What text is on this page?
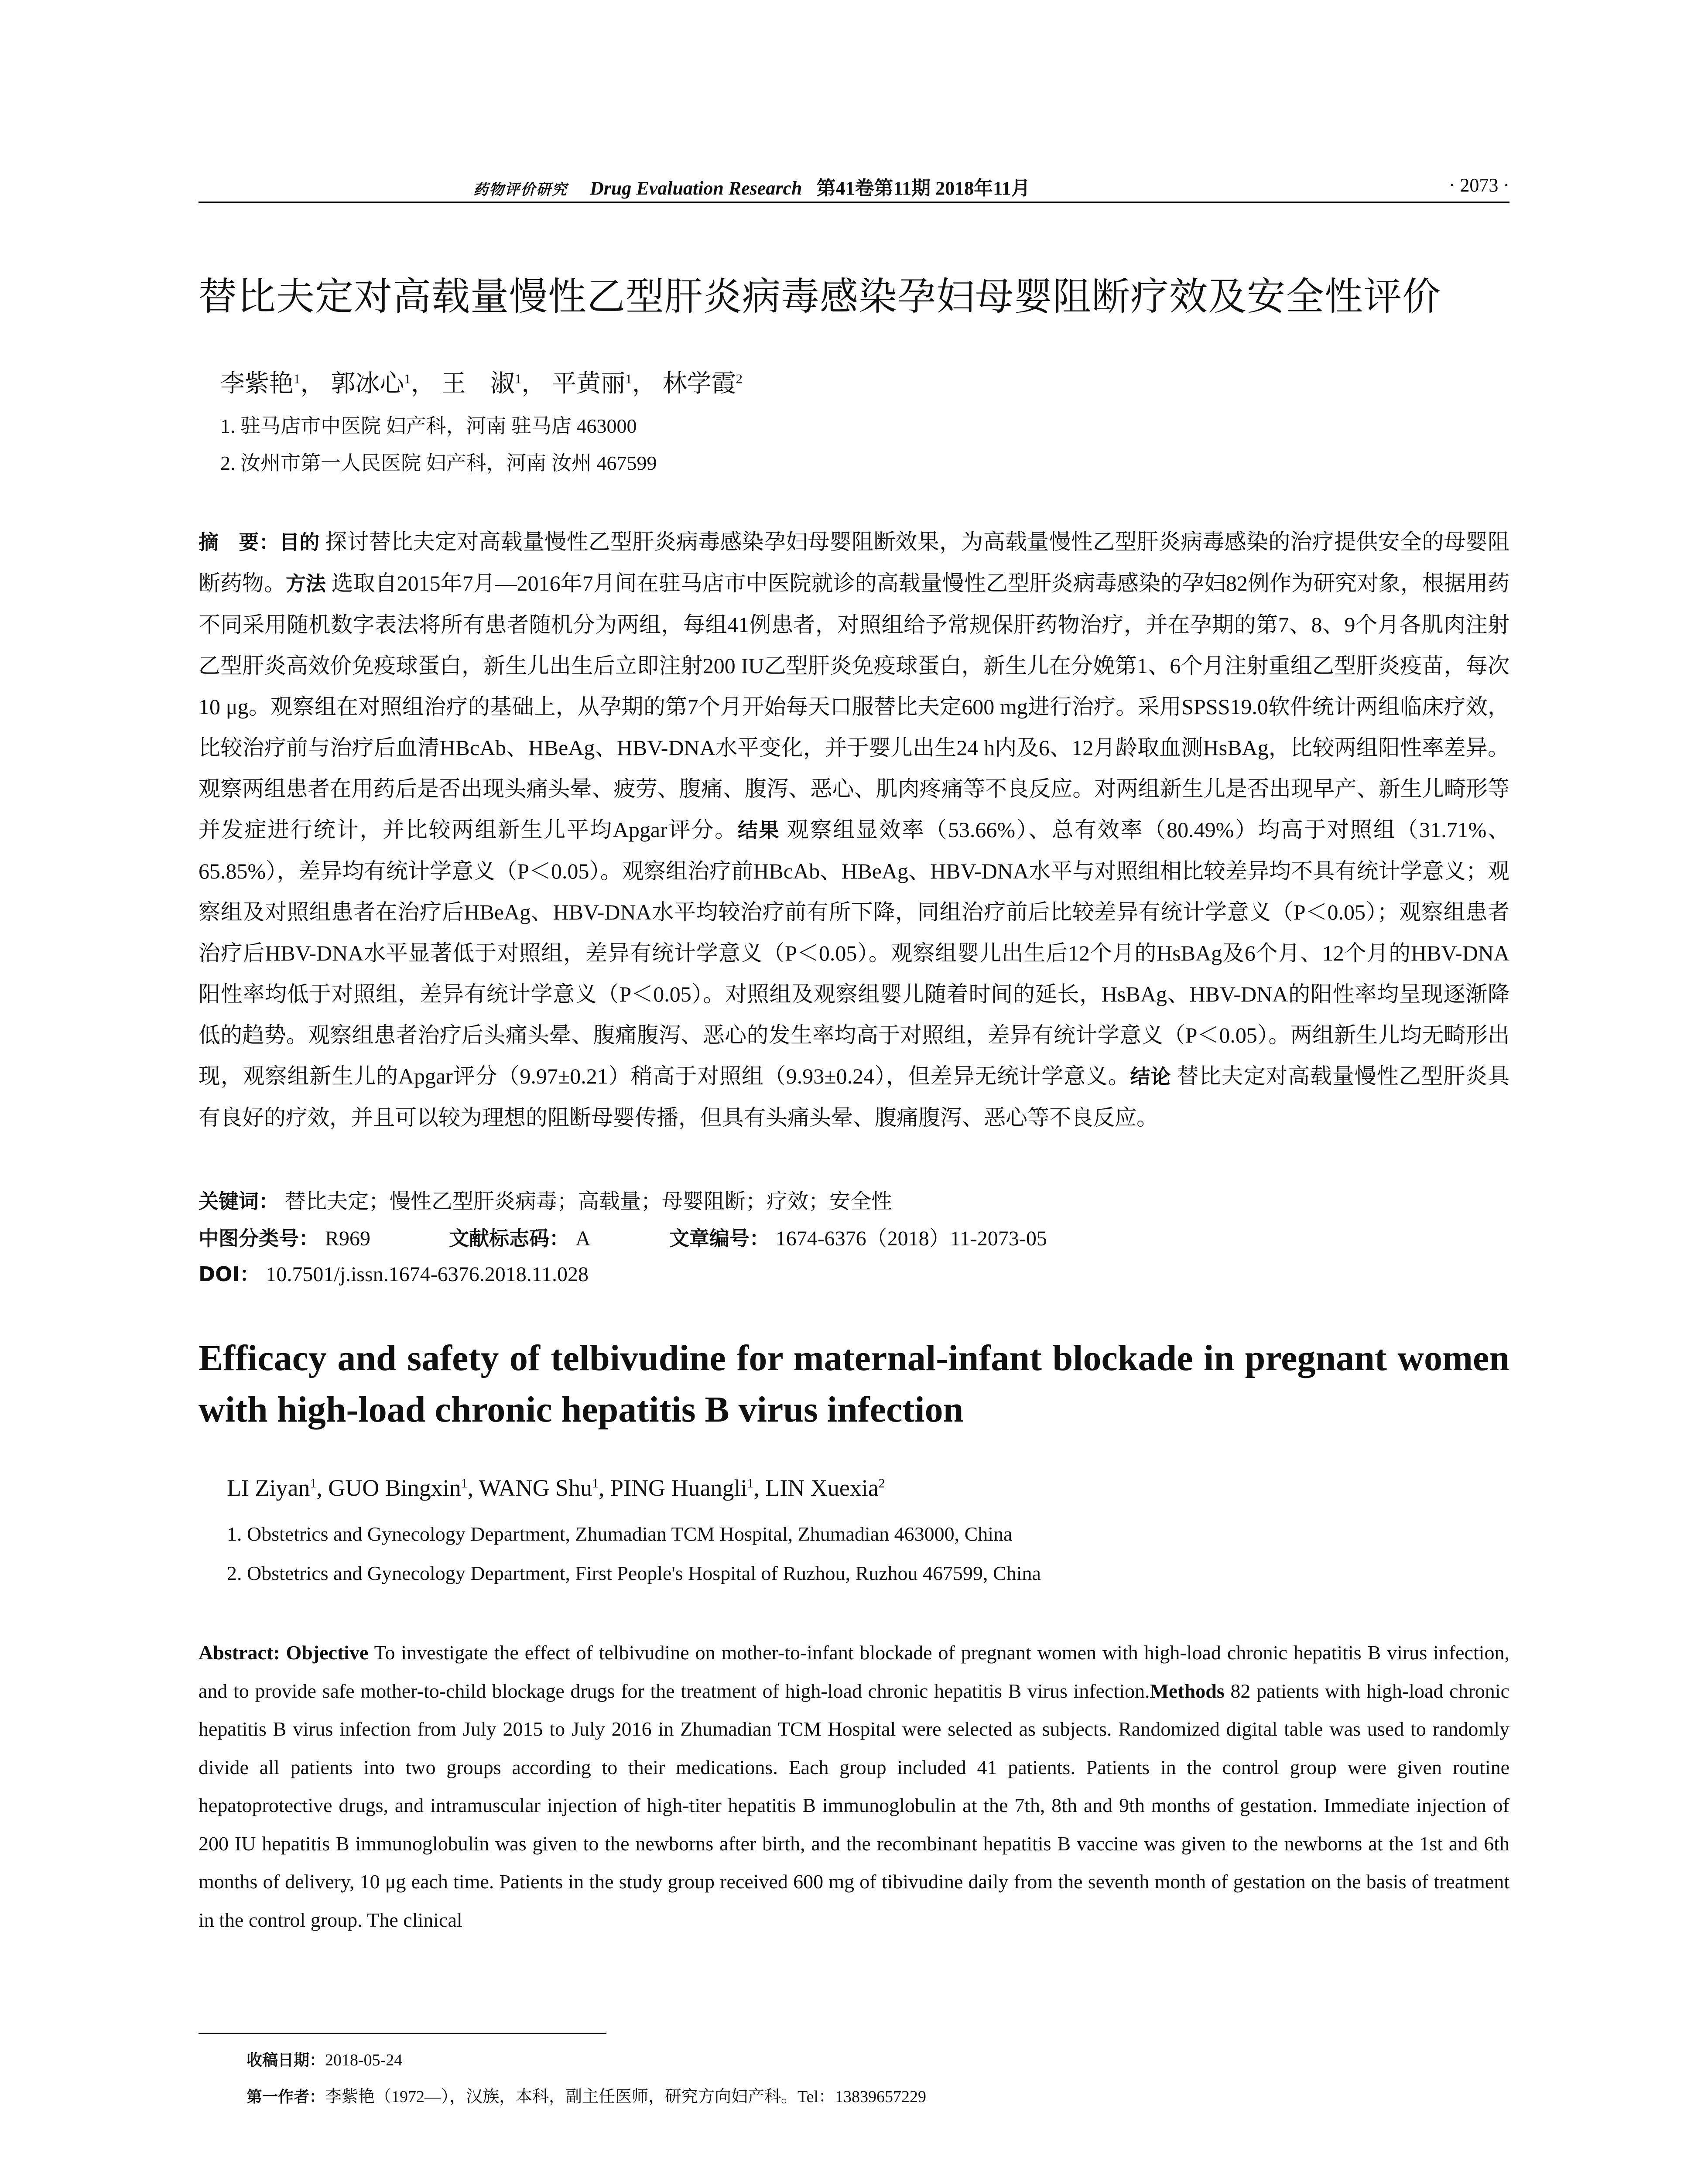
药物评价研究 Drug Evaluation Research 第41卷第11期 2018年11月	· 2073 ·
替比夫定对高载量慢性乙型肝炎病毒感染孕妇母婴阻断疗效及安全性评价
李紫艳$^1$， 郭冰心$^1$， 王　淑$^1$， 平黄丽$^1$， 林学霞$^2$
1. 驻马店市中医院 妇产科，河南 驻马店 463000
2. 汝州市第一人民医院 妇产科，河南 汝州 467599
摘　要：目的 探讨替比夫定对高载量慢性乙型肝炎病毒感染孕妇母婴阻断效果，为高载量慢性乙型肝炎病毒感染的治疗提供安全的母婴阻断药物。方法 选取自2015年7月—2016年7月间在驻马店市中医院就诊的高载量慢性乙型肝炎病毒感染的孕妇82例作为研究对象，根据用药不同采用随机数字表法将所有患者随机分为两组，每组41例患者，对照组给予常规保肝药物治疗，并在孕期的第7、8、9个月各肌肉注射乙型肝炎高效价免疫球蛋白，新生儿出生后立即注射200 IU乙型肝炎免疫球蛋白，新生儿在分娩第1、6个月注射重组乙型肝炎疫苗，每次10 μg。观察组在对照组治疗的基础上，从孕期的第7个月开始每天口服替比夫定600 mg进行治疗。采用SPSS19.0软件统计两组临床疗效，比较治疗前与治疗后血清HBcAb、HBeAg、HBV-DNA水平变化，并于婴儿出生24 h内及6、12月龄取血测HsBAg，比较两组阳性率差异。观察两组患者在用药后是否出现头痛头晕、疲劳、腹痛、腹泻、恶心、肌肉疼痛等不良反应。对两组新生儿是否出现早产、新生儿畸形等并发症进行统计，并比较两组新生儿平均Apgar评分。结果 观察组显效率（53.66%）、总有效率（80.49%）均高于对照组（31.71%、65.85%），差异均有统计学意义（P＜0.05）。观察组治疗前HBcAb、HBeAg、HBV-DNA水平与对照组相比较差异均不具有统计学意义；观察组及对照组患者在治疗后HBeAg、HBV-DNA水平均较治疗前有所下降，同组治疗前后比较差异有统计学意义（P＜0.05）；观察组患者治疗后HBV-DNA水平显著低于对照组，差异有统计学意义（P＜0.05）。观察组婴儿出生后12个月的HsBAg及6个月、12个月的HBV-DNA阳性率均低于对照组，差异有统计学意义（P＜0.05）。对照组及观察组婴儿随着时间的延长，HsBAg、HBV-DNA的阳性率均呈现逐渐降低的趋势。观察组患者治疗后头痛头晕、腹痛腹泻、恶心的发生率均高于对照组，差异有统计学意义（P＜0.05）。两组新生儿均无畸形出现，观察组新生儿的Apgar评分（9.97±0.21）稍高于对照组（9.93±0.24），但差异无统计学意义。结论 替比夫定对高载量慢性乙型肝炎具有良好的疗效，并且可以较为理想的阻断母婴传播，但具有头痛头晕、腹痛腹泻、恶心等不良反应。
关键词： 替比夫定；慢性乙型肝炎病毒；高载量；母婴阻断；疗效；安全性
中图分类号： R969	文献标志码： A	文章编号： 1674-6376（2018）11-2073-05
DOI： 10.7501/j.issn.1674-6376.2018.11.028
Efficacy and safety of telbivudine for maternal-infant blockade in pregnant women with high-load chronic hepatitis B virus infection
LI Ziyan$^1$, GUO Bingxin$^1$, WANG Shu$^1$, PING Huangli$^1$, LIN Xuexia$^2$
1. Obstetrics and Gynecology Department, Zhumadian TCM Hospital, Zhumadian 463000, China
2. Obstetrics and Gynecology Department, First People's Hospital of Ruzhou, Ruzhou 467599, China
Abstract: Objective To investigate the effect of telbivudine on mother-to-infant blockade of pregnant women with high-load chronic hepatitis B virus infection, and to provide safe mother-to-child blockage drugs for the treatment of high-load chronic hepatitis B virus infection.Methods 82 patients with high-load chronic hepatitis B virus infection from July 2015 to July 2016 in Zhumadian TCM Hospital were selected as subjects. Randomized digital table was used to randomly divide all patients into two groups according to their medications. Each group included 41 patients. Patients in the control group were given routine hepatoprotective drugs, and intramuscular injection of high-titer hepatitis B immunoglobulin at the 7th, 8th and 9th months of gestation. Immediate injection of 200 IU hepatitis B immunoglobulin was given to the newborns after birth, and the recombinant hepatitis B vaccine was given to the newborns at the 1st and 6th months of delivery, 10 μg each time. Patients in the study group received 600 mg of tibivudine daily from the seventh month of gestation on the basis of treatment in the control group. The clinical
收稿日期：2018-05-24
第一作者：李紫艳（1972—），汉族，本科，副主任医师，研究方向妇产科。Tel：13839657229
